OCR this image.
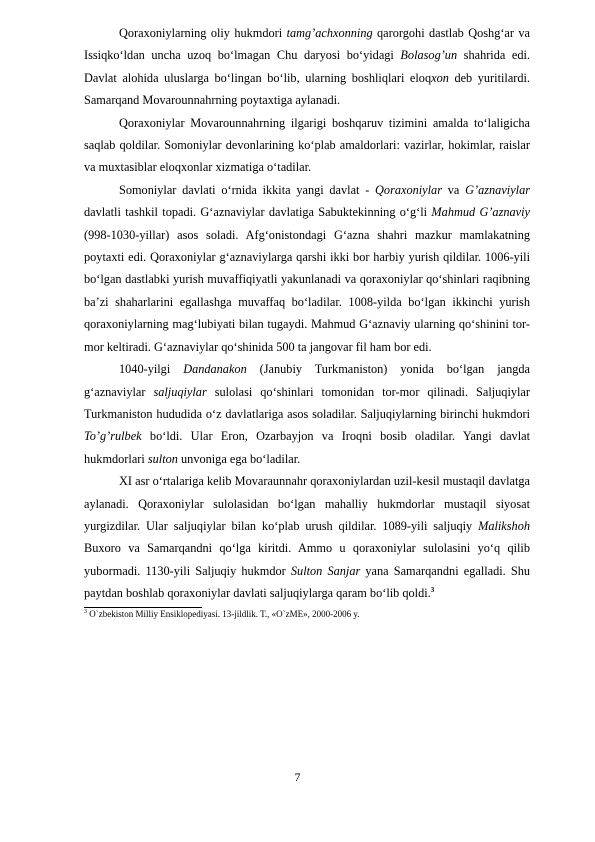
Qoraxoniylarning oliy hukmdori tamg’achxonning qarorgohi dastlab Qoshg‘ar va Issiqko‘ldan uncha uzoq bo‘lmagan Chu daryosi bo‘yidagi Bolasog’un shahrida edi. Davlat alohida uluslarga bo‘lingan bo‘lib, ularning boshliqlari eloqxon deb yuritilardi. Samarqand Movarounnahrning poytaxtiga aylanadi.

Qoraxoniylar Movarounnahrning ilgarigi boshqaruv tizimini amalda to‘laligicha saqlab qoldilar. Somoniylar devonlarining ko‘plab amaldorlari: vazirlar, hokimlar, raislar va muxtasiblar eloqxonlar xizmatiga o‘tadilar.

Somoniylar davlati o‘rnida ikkita yangi davlat - Qoraxoniylar va G’aznaviylar davlatli tashkil topadi. G‘aznaviylar davlatiga Sabuktekinning o‘g‘li Mahmud G’aznaviy (998-1030-yillar) asos soladi. Afg‘onistondagi G‘azna shahri mazkur mamlakatning poytaxti edi. Qoraxoniylar g‘aznaviylarga qarshi ikki bor harbiy yurish qildilar. 1006-yili bo‘lgan dastlabki yurish muvaffiqiyatli yakunlanadi va qoraxoniylar qo‘shinlari raqibning ba’zi shaharlarini egallashga muvaffaq bo‘ladilar. 1008-yilda bo‘lgan ikkinchi yurish qoraxoniylarning mag‘lubiyati bilan tugaydi. Mahmud G‘aznaviy ularning qo‘shinini tor-mor keltiradi. G‘aznaviylar qo‘shinida 500 ta jangovar fil ham bor edi.

1040-yilgi Dandanakon (Janubiy Turkmaniston) yonida bo‘lgan jangda g‘aznaviylar saljuqiylar sulolasi qo‘shinlari tomonidan tor-mor qilinadi. Saljuqiylar Turkmaniston hududida o‘z davlatlariga asos soladilar. Saljuqiylarning birinchi hukmdori To’g’rulbek bo‘ldi. Ular Eron, Ozarbayjon va Iroqni bosib oladilar. Yangi davlat hukmdorlari sulton unvoniga ega bo‘ladilar.

XI asr o‘rtalariga kelib Movaraunnahr qoraxoniylardan uzil-kesil mustaqil davlatga aylanadi. Qoraxoniylar sulolasidan bo‘lgan mahalliy hukmdorlar mustaqil siyosat yurgizdilar. Ular saljuqiylar bilan ko‘plab urush qildilar. 1089-yili saljuqiy Malikshoh Buxoro va Samarqandni qo‘lga kiritdi. Ammo u qoraxoniylar sulolasini yo‘q qilib yubormadi. 1130-yili Saljuqiy hukmdor Sulton Sanjar yana Samarqandni egalladi. Shu paytdan boshlab qoraxoniylar davlati saljuqiylarga qaram bo‘lib qoldi.$^3$

$^3$ O`zbekiston Milliy Ensiklopediyasi. 13-jildlik. T., «O`zME», 2000-2006 y.

7
